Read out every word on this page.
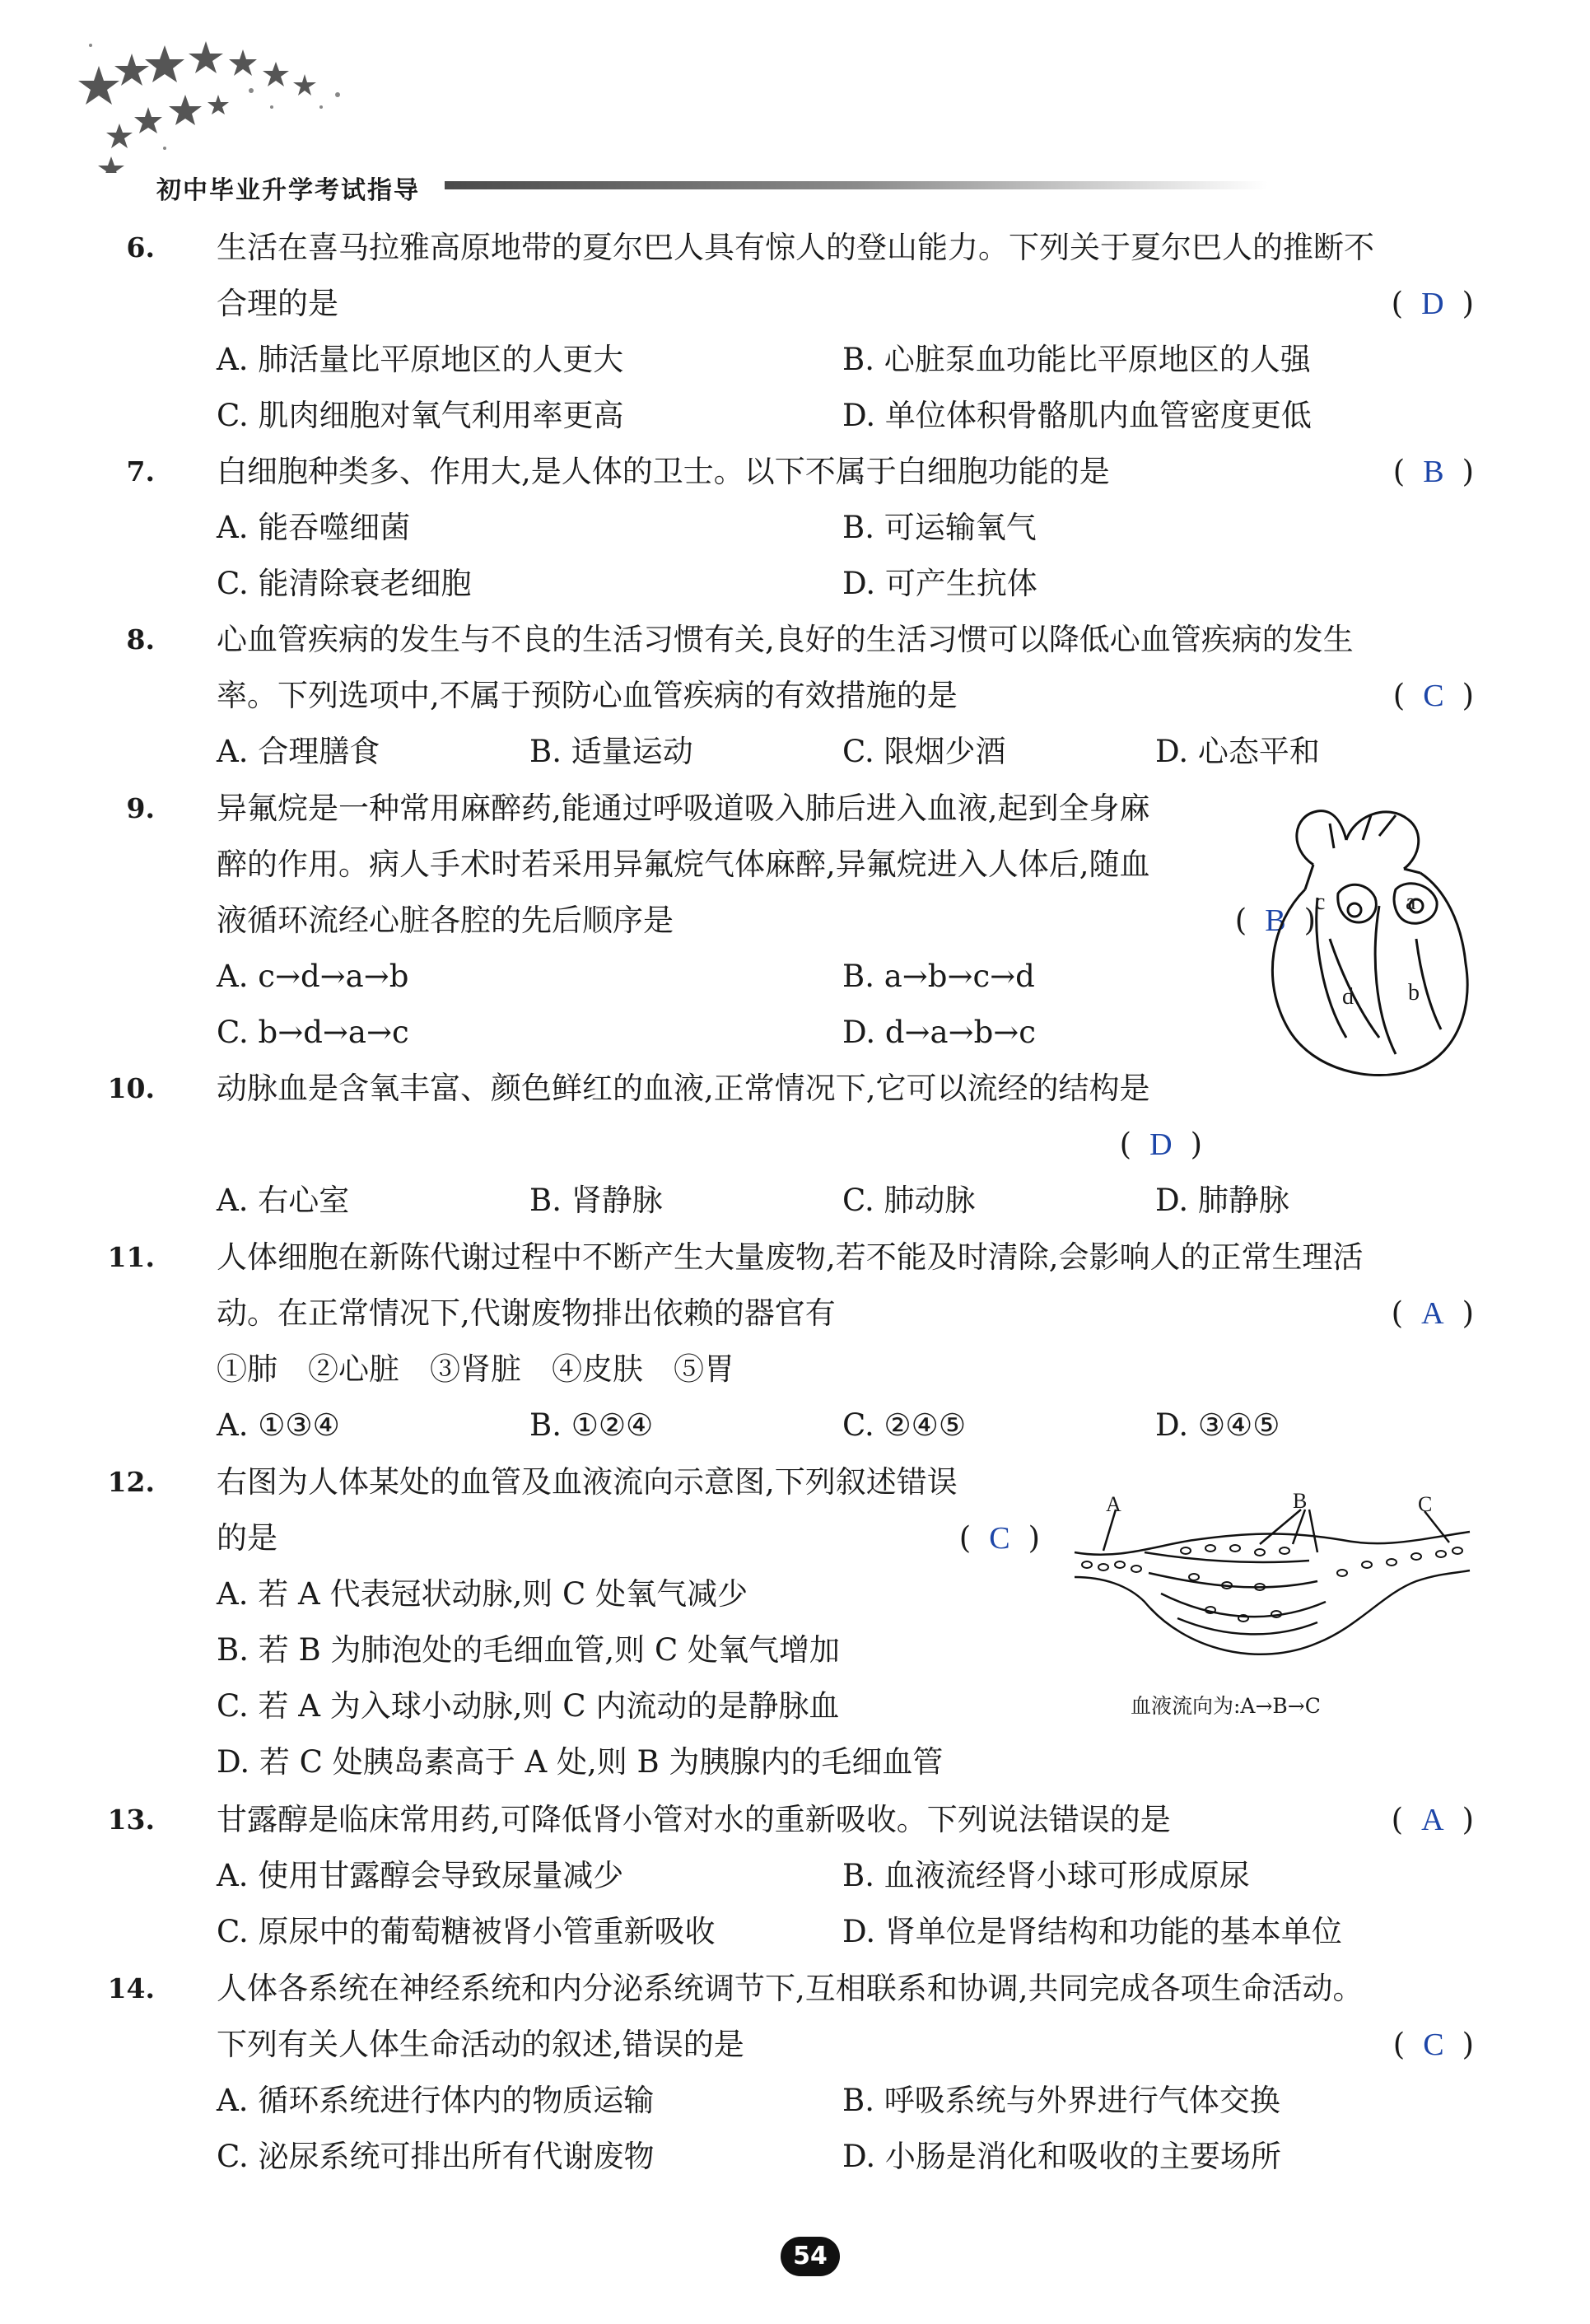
初中毕业升学考试指导
6. 生活在喜马拉雅高原地带的夏尔巴人具有惊人的登山能力。下列关于夏尔巴人的推断不
合理的是	( D )
A. 肺活量比平原地区的人更大	B. 心脏泵血功能比平原地区的人强
C. 肌肉细胞对氧气利用率更高	D. 单位体积骨骼肌内血管密度更低
7. 白细胞种类多、作用大,是人体的卫士。以下不属于白细胞功能的是	( B )
A. 能吞噬细菌	B. 可运输氧气
C. 能清除衰老细胞	D. 可产生抗体
8. 心血管疾病的发生与不良的生活习惯有关,良好的生活习惯可以降低心血管疾病的发生
率。下列选项中,不属于预防心血管疾病的有效措施的是	( C )
A. 合理膳食	B. 适量运动	C. 限烟少酒	D. 心态平和
9. 异氟烷是一种常用麻醉药,能通过呼吸道吸入肺后进入血液,起到全身麻
醉的作用。病人手术时若采用异氟烷气体麻醉,异氟烷进入人体后,随血
液循环流经心脏各腔的先后顺序是	( B )
A. c→d→a→b	B. a→b→c→d
C. b→d→a→c	D. d→a→b→c
c	a
d b
10. 动脉血是含氧丰富、颜色鲜红的血液,正常情况下,它可以流经的结构是
( D )
A. 右心室	B. 肾静脉	C. 肺动脉	D. 肺静脉
11. 人体细胞在新陈代谢过程中不断产生大量废物,若不能及时清除,会影响人的正常生理活
动。在正常情况下,代谢废物排出依赖的器官有	( A )
①肺　②心脏　③肾脏　④皮肤　⑤胃
A. ①③④	B. ①②④	C. ②④⑤	D. ③④⑤
12. 右图为人体某处的血管及血液流向示意图,下列叙述错误
的是	( C )
A. 若 A 代表冠状动脉,则 C 处氧气减少
B. 若 B 为肺泡处的毛细血管,则 C 处氧气增加
C. 若 A 为入球小动脉,则 C 内流动的是静脉血
D. 若 C 处胰岛素高于 A 处,则 B 为胰腺内的毛细血管
A	B	C
血液流向为:A→B→C
13. 甘露醇是临床常用药,可降低肾小管对水的重新吸收。下列说法错误的是	( A )
A. 使用甘露醇会导致尿量减少	B. 血液流经肾小球可形成原尿
C. 原尿中的葡萄糖被肾小管重新吸收	D. 肾单位是肾结构和功能的基本单位
14. 人体各系统在神经系统和内分泌系统调节下,互相联系和协调,共同完成各项生命活动。
下列有关人体生命活动的叙述,错误的是	( C )
A. 循环系统进行体内的物质运输	B. 呼吸系统与外界进行气体交换
C. 泌尿系统可排出所有代谢废物	D. 小肠是消化和吸收的主要场所
54
